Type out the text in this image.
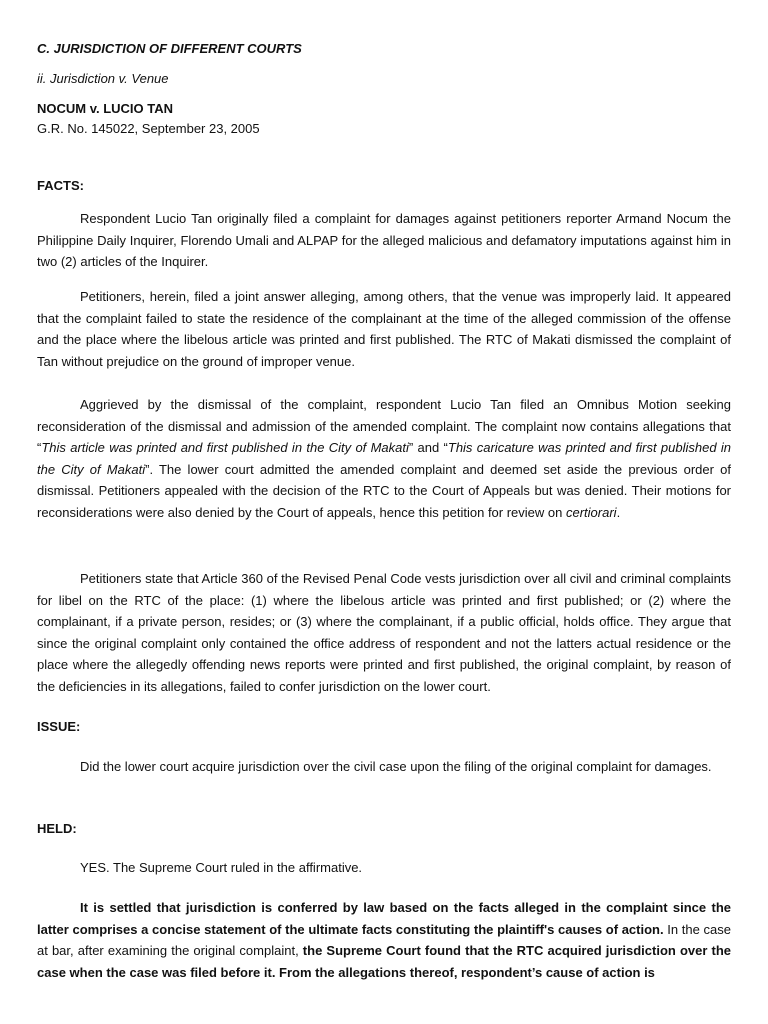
C. JURISDICTION OF DIFFERENT COURTS

ii. Jurisdiction v. Venue

NOCUM v. LUCIO TAN

G.R. No. 145022, September 23, 2005

FACTS:

Respondent Lucio Tan originally filed a complaint for damages against petitioners reporter Armand Nocum the Philippine Daily Inquirer, Florendo Umali and ALPAP for the alleged malicious and defamatory imputations against him in two (2) articles of the Inquirer.

Petitioners, herein, filed a joint answer alleging, among others, that the venue was improperly laid. It appeared that the complaint failed to state the residence of the complainant at the time of the alleged commission of the offense and the place where the libelous article was printed and first published. The RTC of Makati dismissed the complaint of Tan without prejudice on the ground of improper venue.

Aggrieved by the dismissal of the complaint, respondent Lucio Tan filed an Omnibus Motion seeking reconsideration of the dismissal and admission of the amended complaint. The complaint now contains allegations that “This article was printed and first published in the City of Makati” and “This caricature was printed and first published in the City of Makati”. The lower court admitted the amended complaint and deemed set aside the previous order of dismissal. Petitioners appealed with the decision of the RTC to the Court of Appeals but was denied. Their motions for reconsiderations were also denied by the Court of appeals, hence this petition for review on certiorari.

Petitioners state that Article 360 of the Revised Penal Code vests jurisdiction over all civil and criminal complaints for libel on the RTC of the place: (1) where the libelous article was printed and first published; or (2) where the complainant, if a private person, resides; or (3) where the complainant, if a public official, holds office. They argue that since the original complaint only contained the office address of respondent and not the latters actual residence or the place where the allegedly offending news reports were printed and first published, the original complaint, by reason of the deficiencies in its allegations, failed to confer jurisdiction on the lower court.

ISSUE:

Did the lower court acquire jurisdiction over the civil case upon the filing of the original complaint for damages.

HELD:

YES. The Supreme Court ruled in the affirmative.

It is settled that jurisdiction is conferred by law based on the facts alleged in the complaint since the latter comprises a concise statement of the ultimate facts constituting the plaintiff's causes of action. In the case at bar, after examining the original complaint, the Supreme Court found that the RTC acquired jurisdiction over the case when the case was filed before it. From the allegations thereof, respondent’s cause of action is
